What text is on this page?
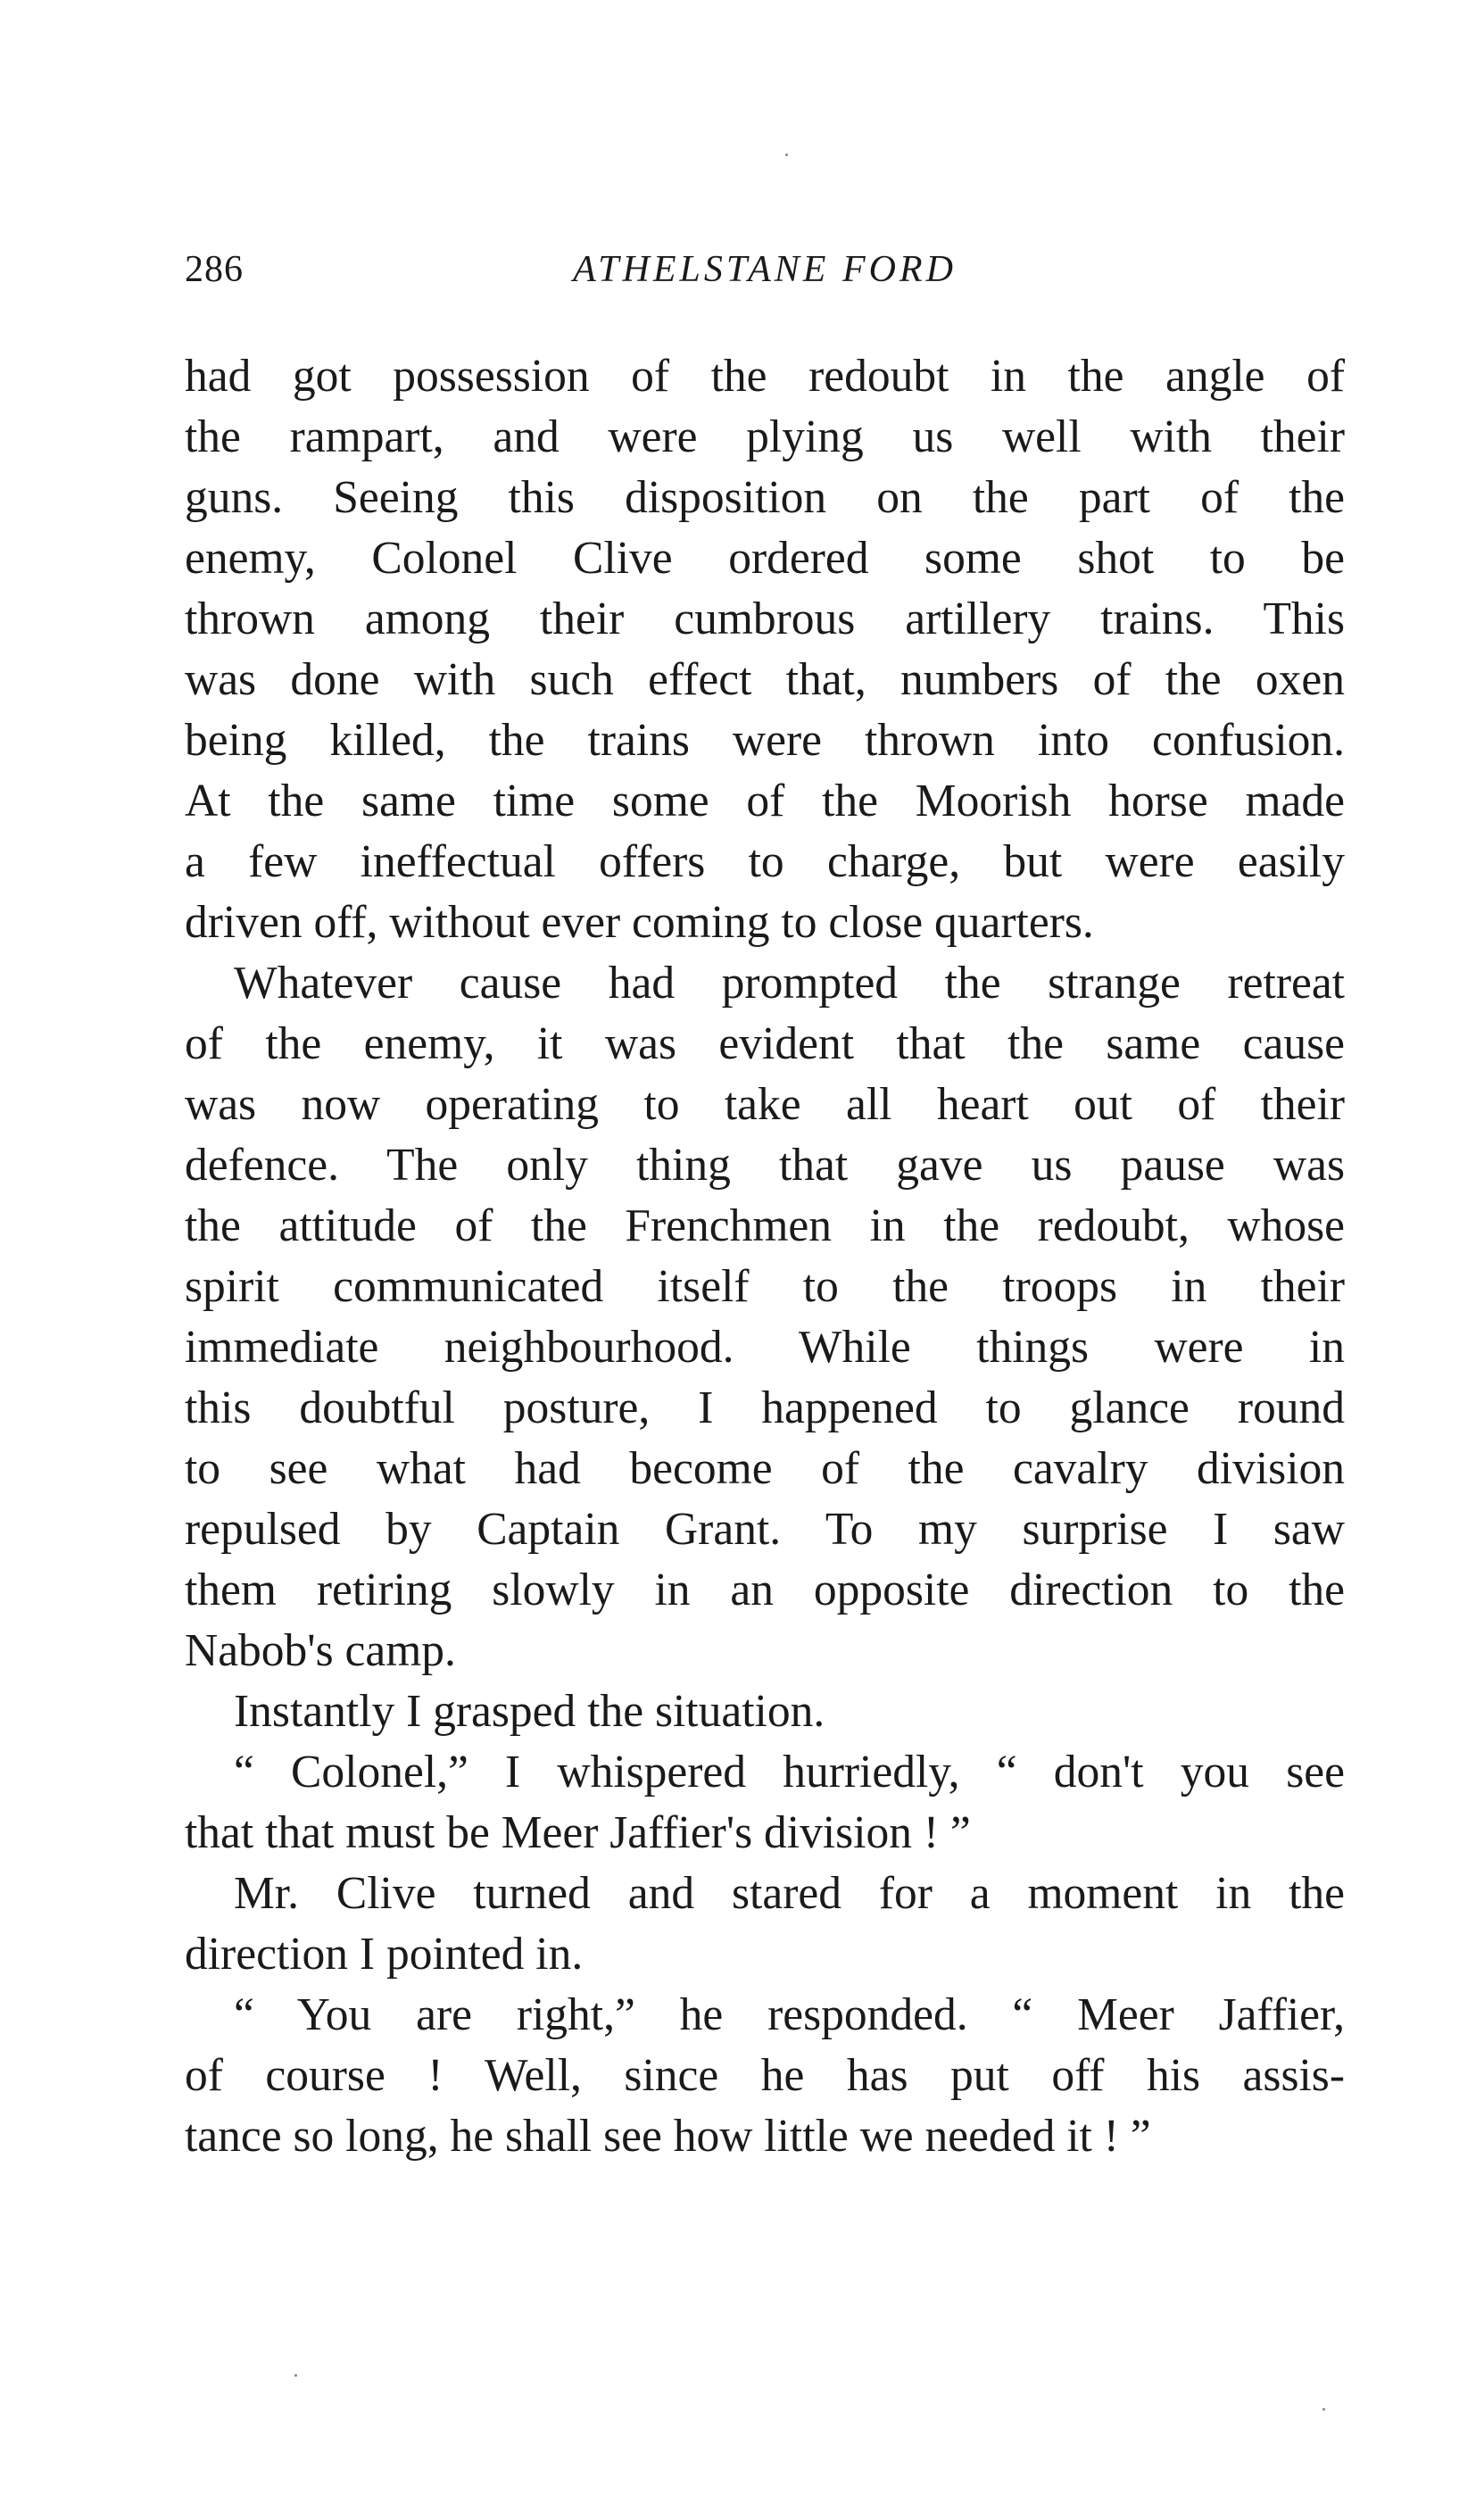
286	ATHELSTANE FORD
had got possession of the redoubt in the angle of
the rampart, and were plying us well with their
guns. Seeing this disposition on the part of the
enemy, Colonel Clive ordered some shot to be
thrown among their cumbrous artillery trains. This
was done with such effect that, numbers of the oxen
being killed, the trains were thrown into confusion.
At the same time some of the Moorish horse made
a few ineffectual offers to charge, but were easily
driven off, without ever coming to close quarters.
Whatever cause had prompted the strange retreat
of the enemy, it was evident that the same cause
was now operating to take all heart out of their
defence. The only thing that gave us pause was
the attitude of the Frenchmen in the redoubt, whose
spirit communicated itself to the troops in their
immediate neighbourhood. While things were in
this doubtful posture, I happened to glance round
to see what had become of the cavalry division
repulsed by Captain Grant. To my surprise I saw
them retiring slowly in an opposite direction to the
Nabob's camp.
Instantly I grasped the situation.
“ Colonel,” I whispered hurriedly, “ don't you see
that that must be Meer Jaffier's division ! ”
Mr. Clive turned and stared for a moment in the
direction I pointed in.
“ You are right,” he responded. “ Meer Jaffier,
of course ! Well, since he has put off his assis-
tance so long, he shall see how little we needed it ! ”
